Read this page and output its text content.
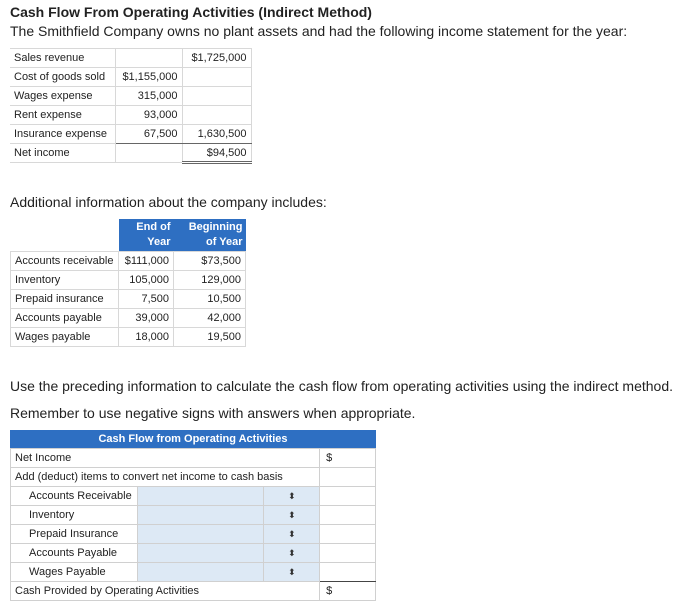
Cash Flow From Operating Activities (Indirect Method)
The Smithfield Company owns no plant assets and had the following income statement for the year:
Sales revenue		$1,725,000
Cost of goods sold	$1,155,000	
Wages expense	315,000	
Rent expense	93,000	
Insurance expense	67,500	1,630,500
Net income		$94,500
Additional information about the company includes:
	End of Year	Beginning of Year
Accounts receivable	$111,000	$73,500
Inventory	105,000	129,000
Prepaid insurance	7,500	10,500
Accounts payable	39,000	42,000
Wages payable	18,000	19,500
Use the preceding information to calculate the cash flow from operating activities using the indirect method.
Remember to use negative signs with answers when appropriate.
Cash Flow from Operating Activities
Net Income			$
Add (deduct) items to convert net income to cash basis			
Accounts Receivable		⬍	
Inventory		⬍	
Prepaid Insurance		⬍	
Accounts Payable		⬍	
Wages Payable		⬍	
Cash Provided by Operating Activities			$
